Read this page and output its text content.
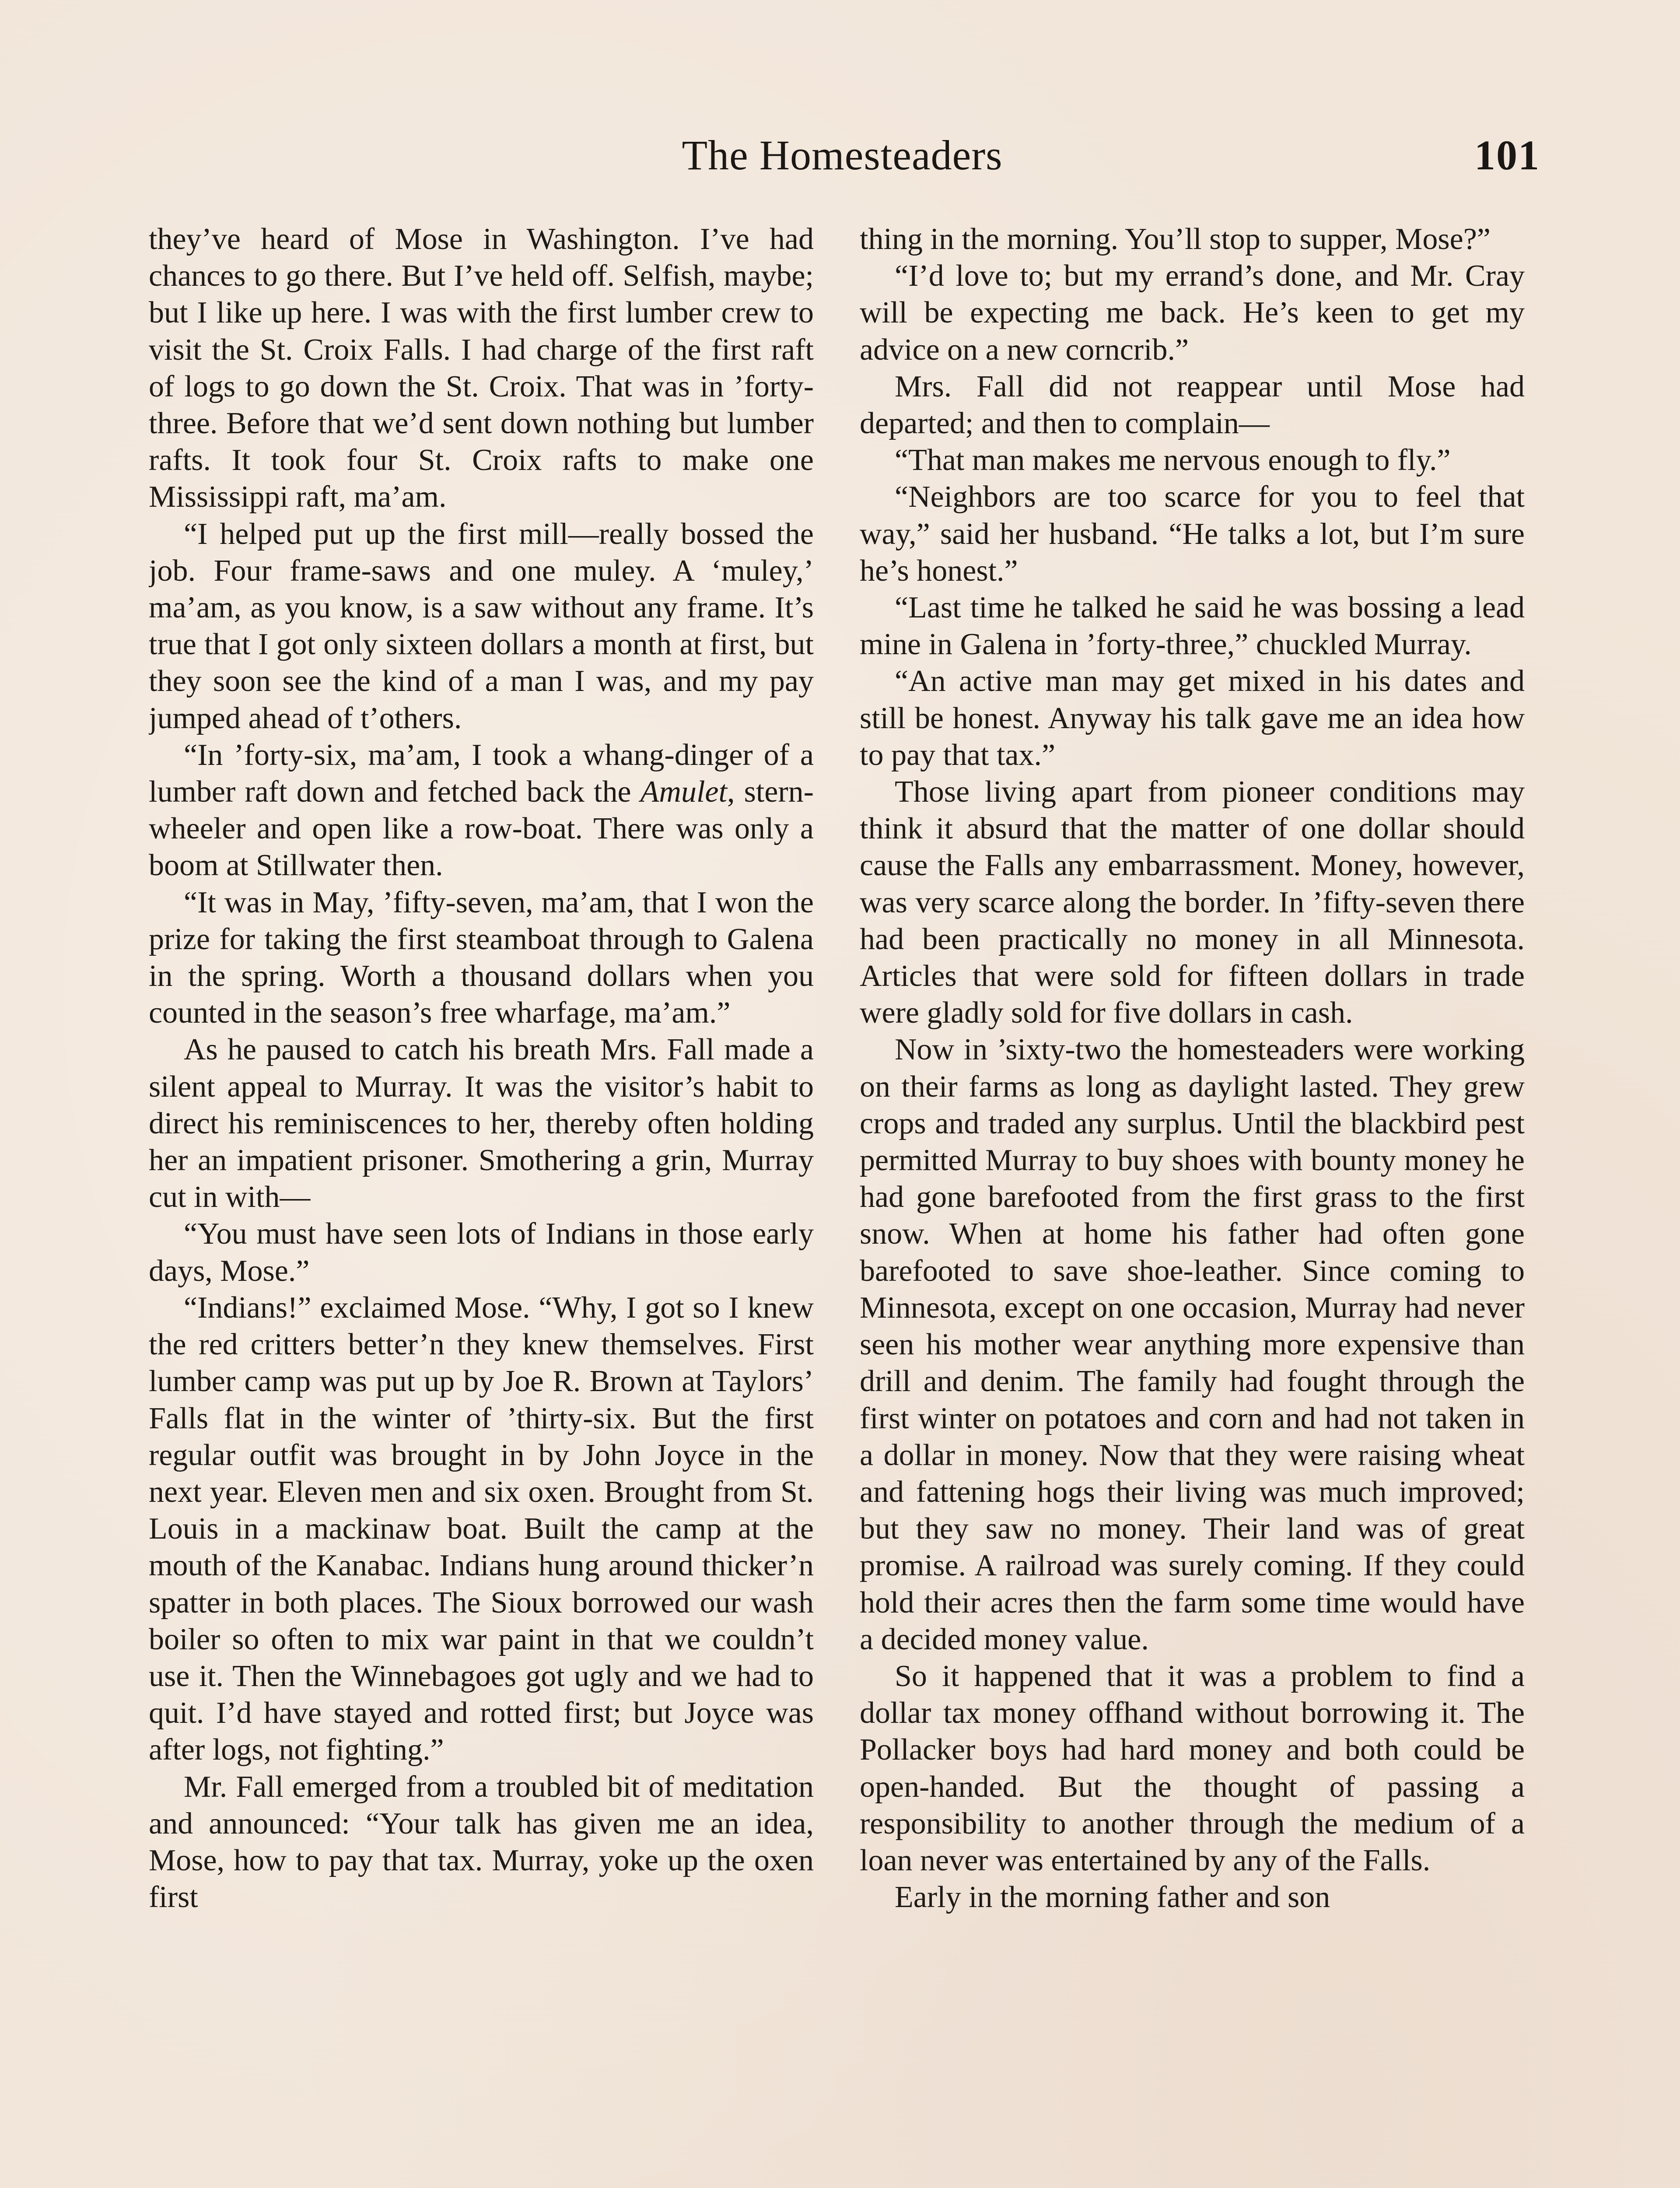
The Homesteaders	101

they’ve heard of Mose in Washington. I’ve had chances to go there. But I’ve held off. Selfish, maybe; but I like up here. I was with the first lumber crew to visit the St. Croix Falls. I had charge of the first raft of logs to go down the St. Croix. That was in ’forty-three. Before that we’d sent down nothing but lumber rafts. It took four St. Croix rafts to make one Mississippi raft, ma’am.

“I helped put up the first mill—really bossed the job. Four frame-saws and one muley. A ‘muley,’ ma’am, as you know, is a saw without any frame. It’s true that I got only sixteen dollars a month at first, but they soon see the kind of a man I was, and my pay jumped ahead of t’others.

“In ’forty-six, ma’am, I took a whang-dinger of a lumber raft down and fetched back the Amulet, stern-wheeler and open like a row-boat. There was only a boom at Stillwater then.

“It was in May, ’fifty-seven, ma’am, that I won the prize for taking the first steamboat through to Galena in the spring. Worth a thousand dollars when you counted in the season’s free wharfage, ma’am.”

As he paused to catch his breath Mrs. Fall made a silent appeal to Murray. It was the visitor’s habit to direct his reminiscences to her, thereby often holding her an impatient prisoner. Smothering a grin, Murray cut in with—

“You must have seen lots of Indians in those early days, Mose.”

“Indians!” exclaimed Mose. “Why, I got so I knew the red critters better’n they knew themselves. First lumber camp was put up by Joe R. Brown at Taylors’ Falls flat in the winter of ’thirty-six. But the first regular outfit was brought in by John Joyce in the next year. Eleven men and six oxen. Brought from St. Louis in a mackinaw boat. Built the camp at the mouth of the Kanabac. Indians hung around thicker’n spatter in both places. The Sioux borrowed our wash boiler so often to mix war paint in that we couldn’t use it. Then the Winnebagoes got ugly and we had to quit. I’d have stayed and rotted first; but Joyce was after logs, not fighting.”

Mr. Fall emerged from a troubled bit of meditation and announced: “Your talk has given me an idea, Mose, how to pay that tax. Murray, yoke up the oxen first

thing in the morning. You’ll stop to supper, Mose?”

“I’d love to; but my errand’s done, and Mr. Cray will be expecting me back. He’s keen to get my advice on a new corncrib.”

Mrs. Fall did not reappear until Mose had departed; and then to complain—

“That man makes me nervous enough to fly.”

“Neighbors are too scarce for you to feel that way,” said her husband. “He talks a lot, but I’m sure he’s honest.”

“Last time he talked he said he was bossing a lead mine in Galena in ’forty-three,” chuckled Murray.

“An active man may get mixed in his dates and still be honest. Anyway his talk gave me an idea how to pay that tax.”

Those living apart from pioneer conditions may think it absurd that the matter of one dollar should cause the Falls any embarrassment. Money, however, was very scarce along the border. In ’fifty-seven there had been practically no money in all Minnesota. Articles that were sold for fifteen dollars in trade were gladly sold for five dollars in cash.

Now in ’sixty-two the homesteaders were working on their farms as long as daylight lasted. They grew crops and traded any surplus. Until the blackbird pest permitted Murray to buy shoes with bounty money he had gone barefooted from the first grass to the first snow. When at home his father had often gone barefooted to save shoe-leather. Since coming to Minnesota, except on one occasion, Murray had never seen his mother wear anything more expensive than drill and denim. The family had fought through the first winter on potatoes and corn and had not taken in a dollar in money. Now that they were raising wheat and fattening hogs their living was much improved; but they saw no money. Their land was of great promise. A railroad was surely coming. If they could hold their acres then the farm some time would have a decided money value.

So it happened that it was a problem to find a dollar tax money offhand without borrowing it. The Pollacker boys had hard money and both could be open-handed. But the thought of passing a responsibility to another through the medium of a loan never was entertained by any of the Falls.

Early in the morning father and son
